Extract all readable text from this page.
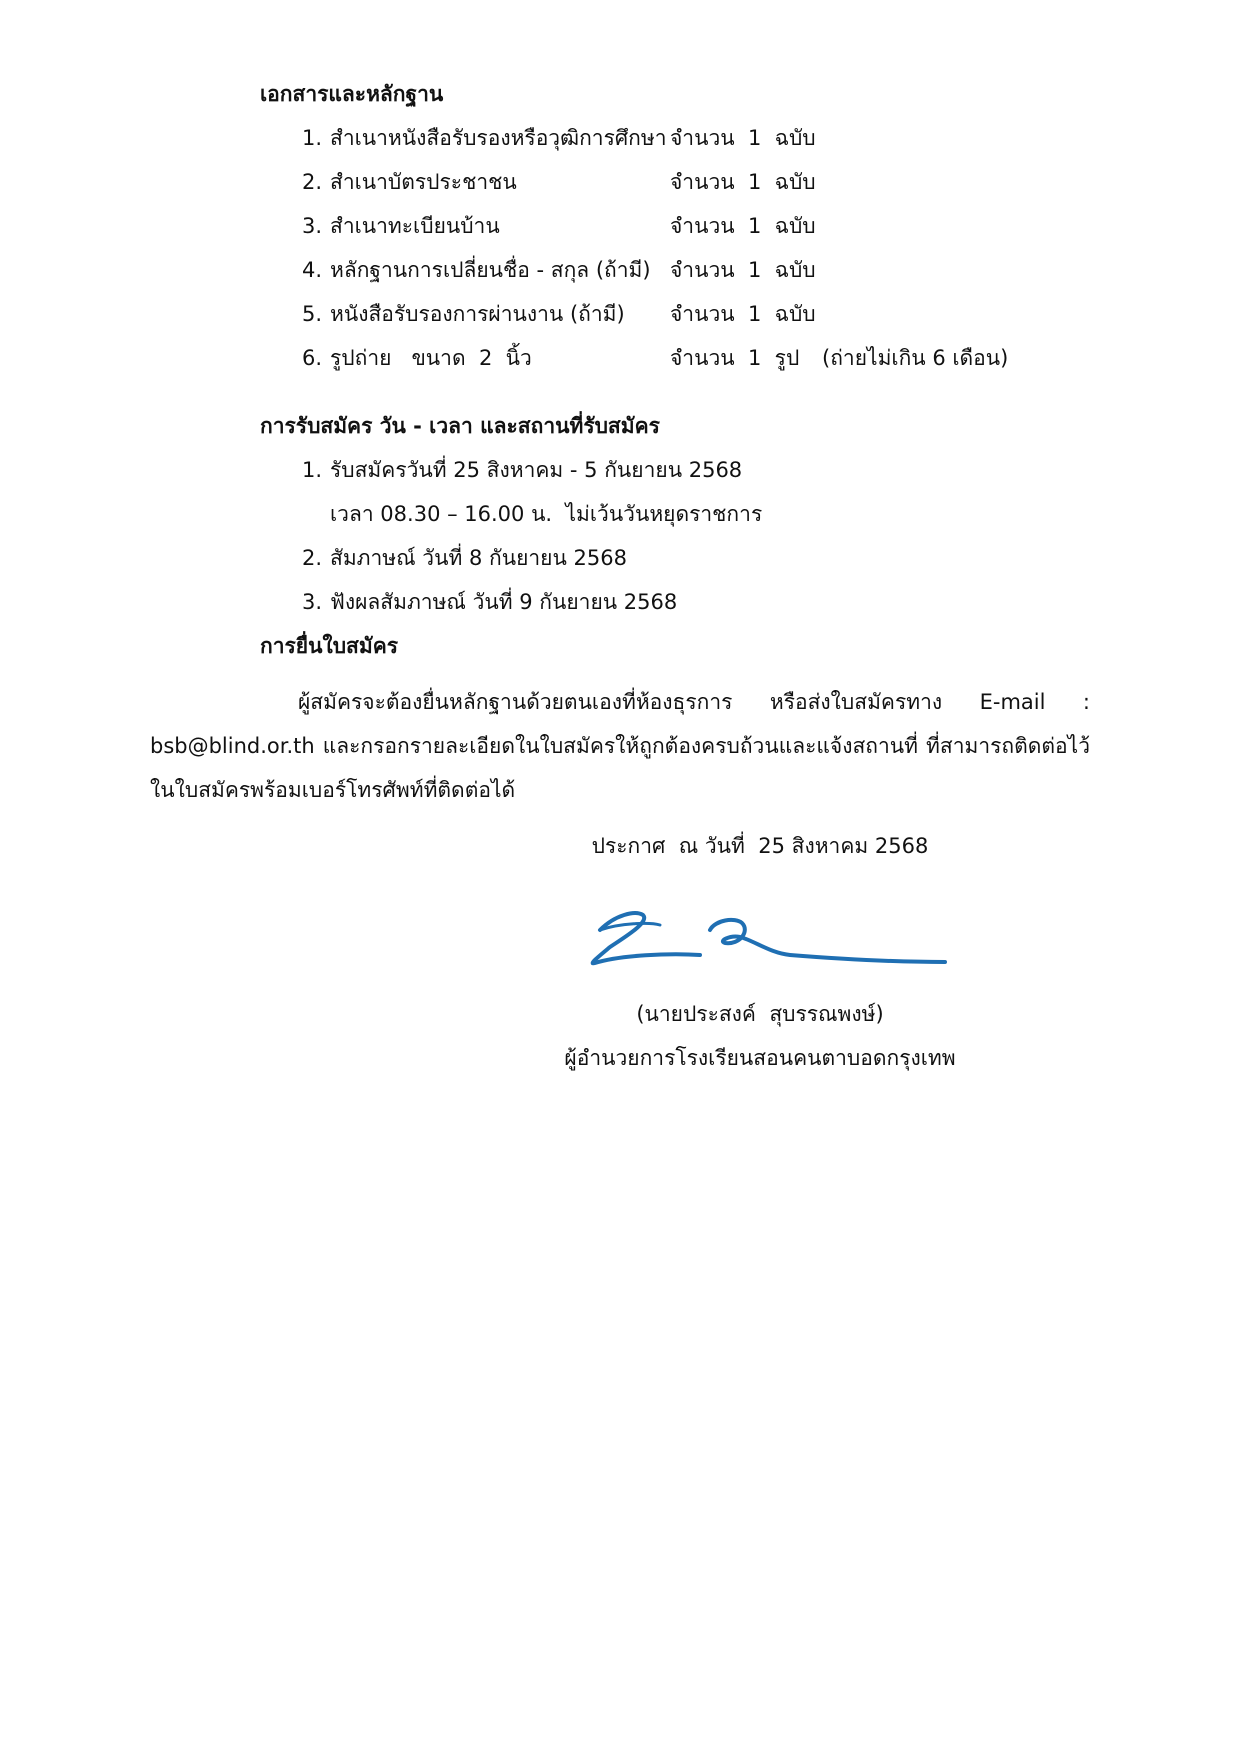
เอกสารและหลักฐาน
1. สำเนาหนังสือรับรองหรือวุฒิการศึกษา จำนวน  1  ฉบับ
2. สำเนาบัตรประชาชน	จำนวน  1  ฉบับ
3. สำเนาทะเบียนบ้าน	จำนวน  1  ฉบับ
4. หลักฐานการเปลี่ยนชื่อ - สกุล (ถ้ามี) จำนวน  1  ฉบับ
5. หนังสือรับรองการผ่านงาน (ถ้ามี) จำนวน  1  ฉบับ
6. รูปถ่าย   ขนาด  2  นิ้ว	จำนวน  1  รูป (ถ่ายไม่เกิน 6 เดือน)
การรับสมัคร วัน - เวลา และสถานที่รับสมัคร
1. รับสมัครวันที่ 25 สิงหาคม - 5 กันยายน 2568
เวลา 08.30 – 16.00 น.  ไม่เว้นวันหยุดราชการ
2. สัมภาษณ์ วันที่ 8 กันยายน 2568
3. ฟังผลสัมภาษณ์ วันที่ 9 กันยายน 2568
การยื่นใบสมัคร
ผู้สมัครจะต้องยื่นหลักฐานด้วยตนเองที่ห้องธุรการ หรือส่งใบสมัครทาง E-mail : bsb@blind.or.th และกรอกรายละเอียดในใบสมัครให้ถูกต้องครบถ้วนและแจ้งสถานที่ ที่สามารถติดต่อไว้ในใบสมัครพร้อมเบอร์โทรศัพท์ที่ติดต่อได้
ประกาศ  ณ วันที่  25 สิงหาคม 2568
(นายประสงค์  สุบรรณพงษ์)
ผู้อำนวยการโรงเรียนสอนคนตาบอดกรุงเทพ
